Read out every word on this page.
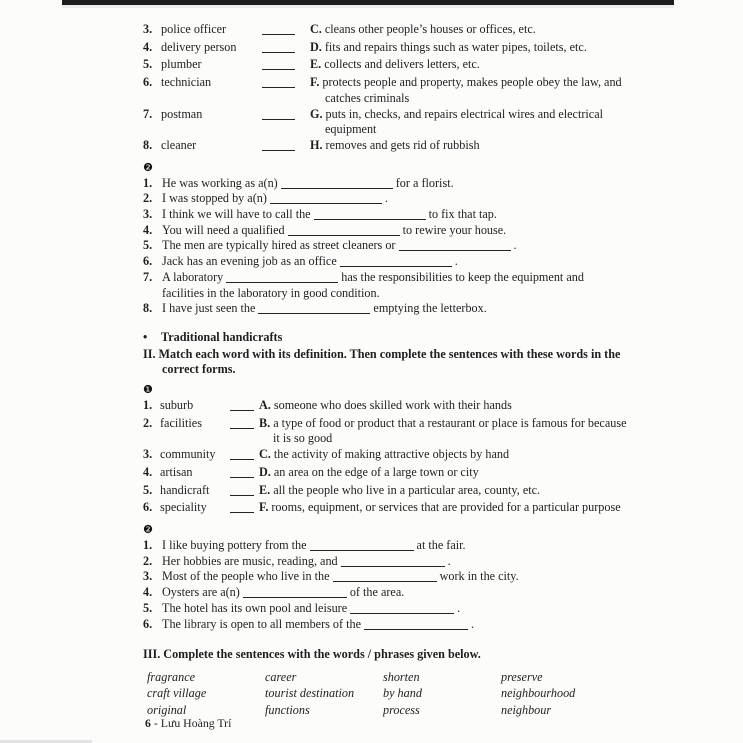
3. police officer	C. cleans other people’s houses or offices, etc.
4. delivery person	D. fits and repairs things such as water pipes, toilets, etc.
5. plumber	E. collects and delivers letters, etc.
6. technician	F. protects people and property, makes people obey the law, and catches criminals
7. postman	G. puts in, checks, and repairs electrical wires and electrical equipment
8. cleaner	H. removes and gets rid of rubbish
❷
1. He was working as a(n)	for a florist.
2. I was stopped by a(n)	.
3. I think we will have to call the	to fix that tap.
4. You will need a qualified	to rewire your house.
5. The men are typically hired as street cleaners or	.
6. Jack has an evening job as an office	.
7. A laboratory	has the responsibilities to keep the equipment and facilities in the laboratory in good condition.
8. I have just seen the	emptying the letterbox.
•	Traditional handicrafts
II. Match each word with its definition. Then complete the sentences with these words in the correct forms.
❶
1. suburb	A. someone who does skilled work with their hands
2. facilities	B. a type of food or product that a restaurant or place is famous for because it is so good
3. community	C. the activity of making attractive objects by hand
4. artisan	D. an area on the edge of a large town or city
5. handicraft	E. all the people who live in a particular area, county, etc.
6. speciality	F. rooms, equipment, or services that are provided for a particular purpose
❷
1. I like buying pottery from the	at the fair.
2. Her hobbies are music, reading, and	.
3. Most of the people who live in the	work in the city.
4. Oysters are a(n)	of the area.
5. The hotel has its own pool and leisure	.
6. The library is open to all members of the	.
III. Complete the sentences with the words / phrases given below.
fragrance	career	shorten	preserve
craft village	tourist destination	by hand	neighbourhood
original	functions	process	neighbour
6 - Lưu Hoàng Trí
